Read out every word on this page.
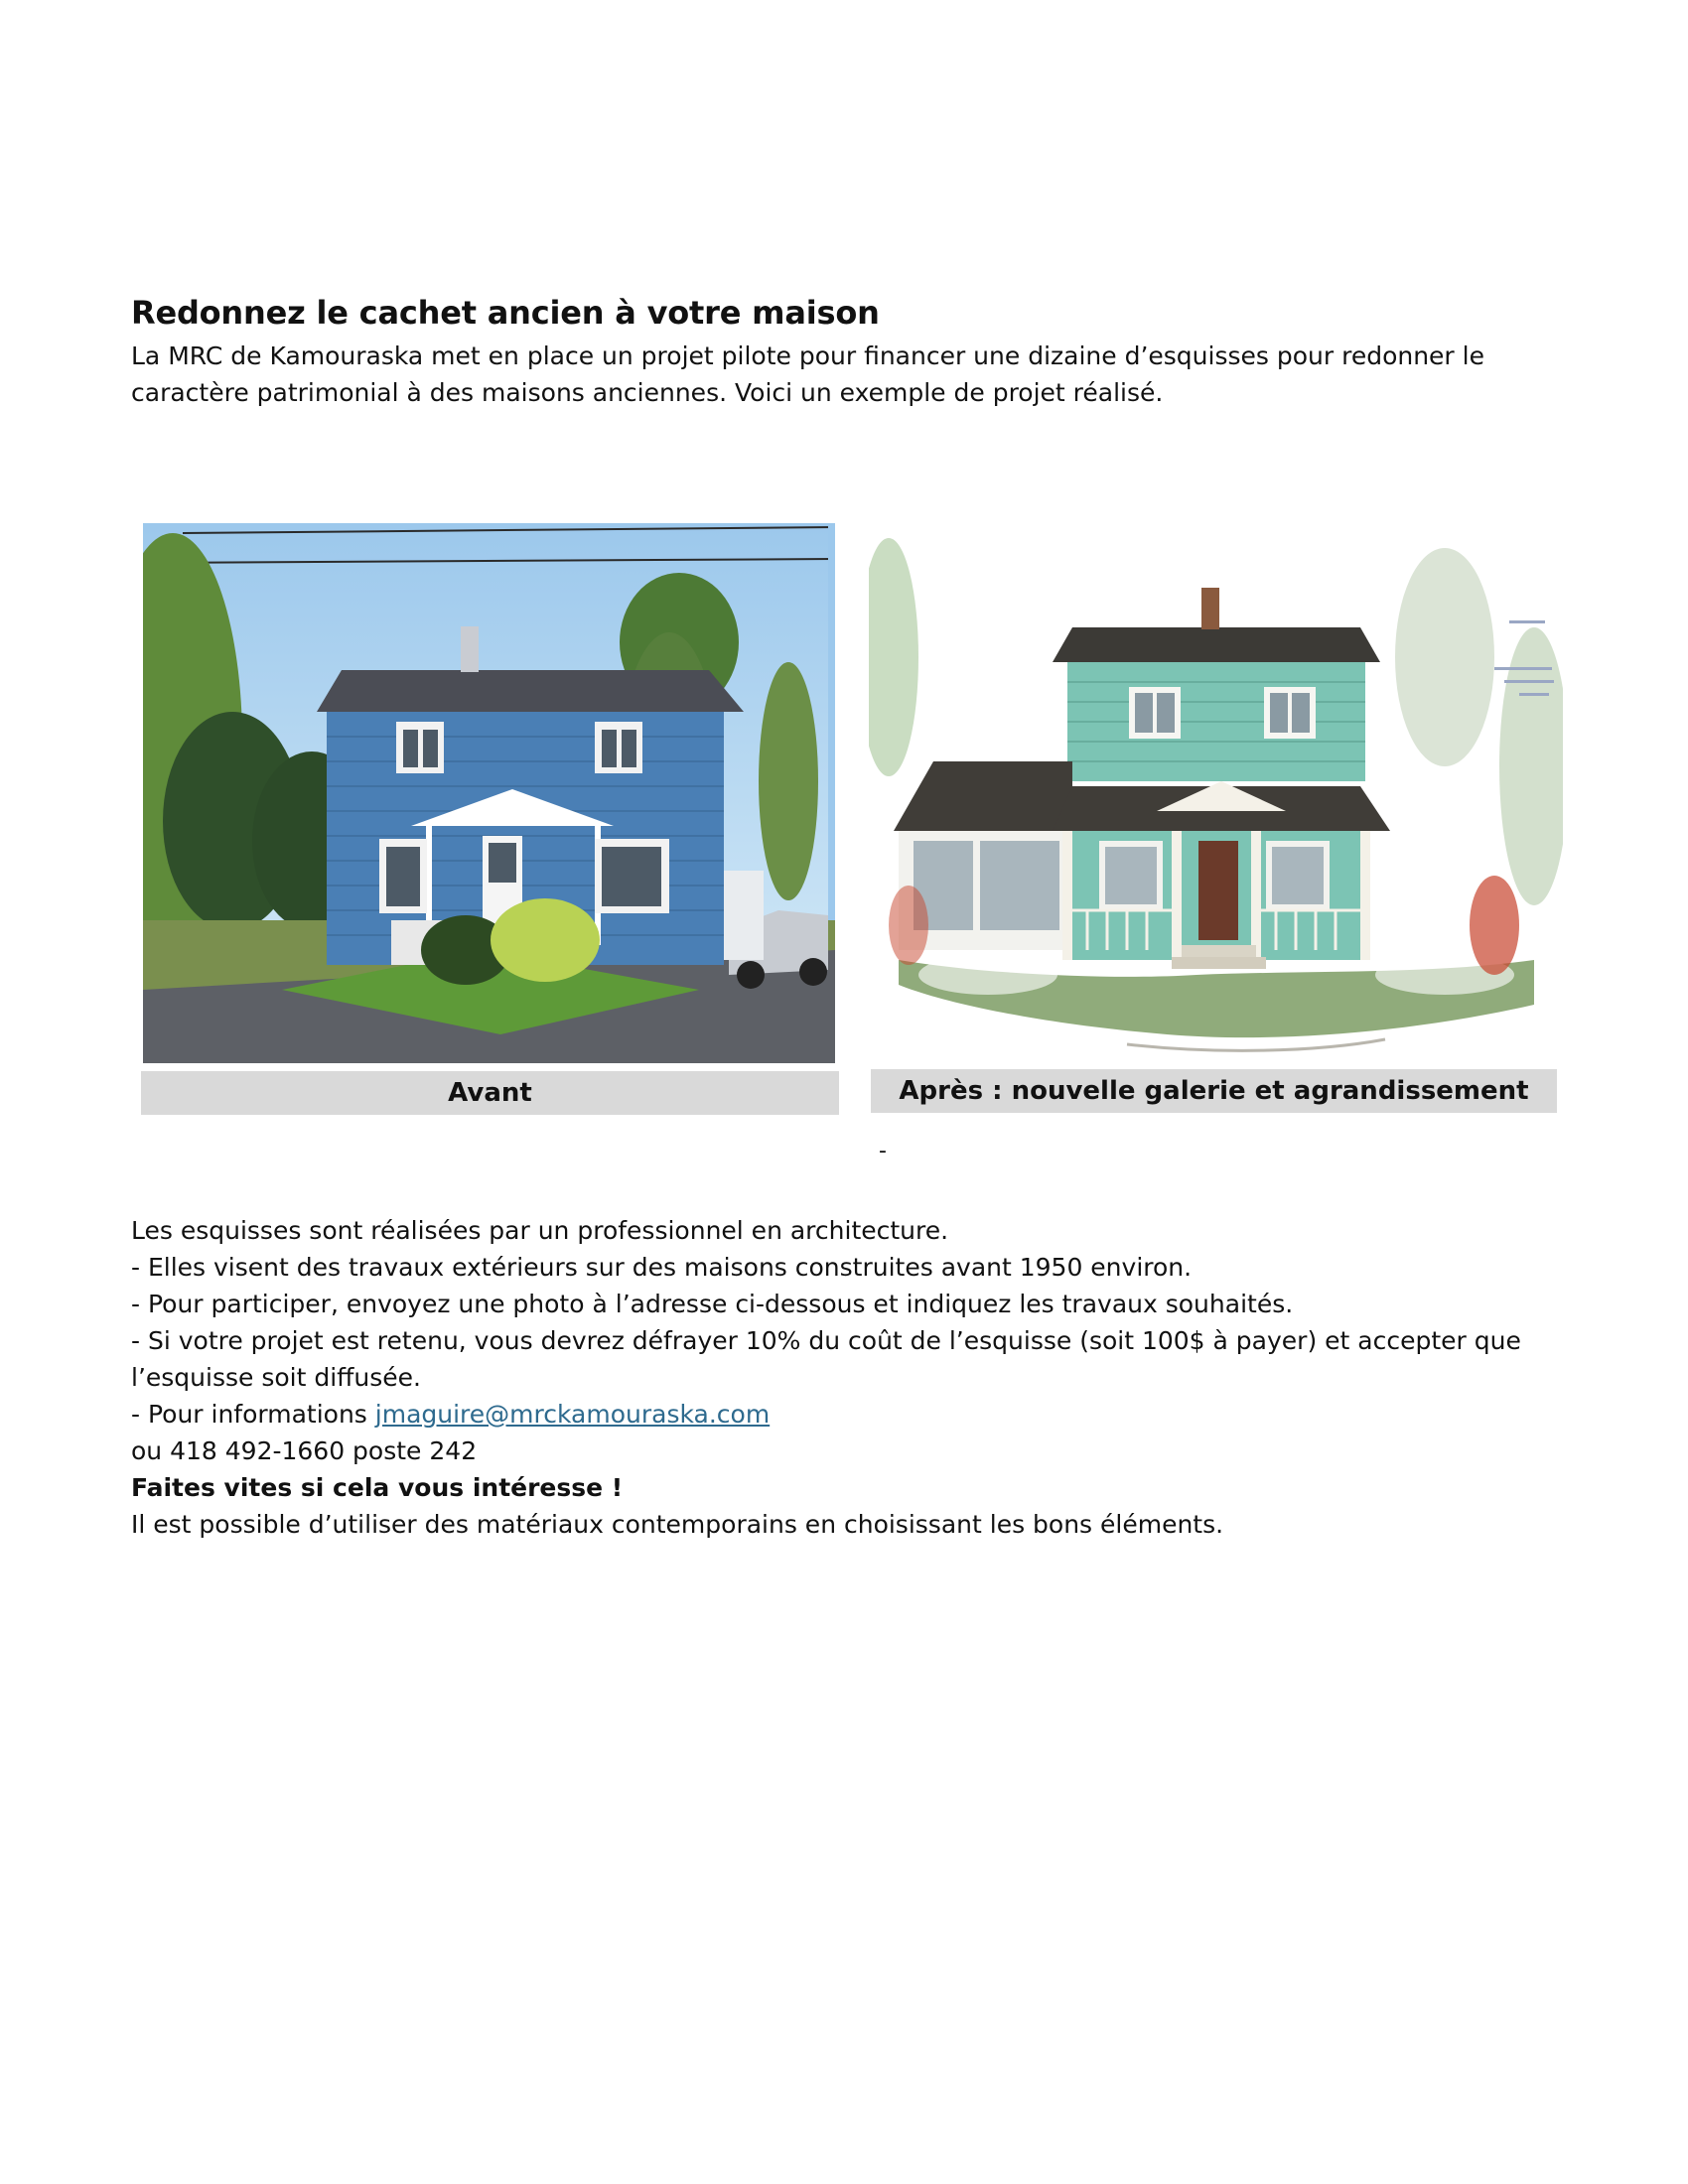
Redonnez le cachet ancien à votre maison

La MRC de Kamouraska met en place un projet pilote pour financer une dizaine d’esquisses pour redonner le caractère patrimonial à des maisons anciennes. Voici un exemple de projet réalisé.

Avant	Après : nouvelle galerie et agrandissement
-

Les esquisses sont réalisées par un professionnel en architecture.

- Elles visent des travaux extérieurs sur des maisons construites avant 1950 environ.

- Pour participer, envoyez une photo à l’adresse ci-dessous et indiquez les travaux souhaités.

- Si votre projet est retenu, vous devrez défrayer 10% du coût de l’esquisse (soit 100$ à payer) et accepter que l’esquisse soit diffusée.

- Pour informations jmaguire@mrckamouraska.com

ou 418 492-1660 poste 242

Faites vites si cela vous intéresse !

Il est possible d’utiliser des matériaux contemporains en choisissant les bons éléments.
